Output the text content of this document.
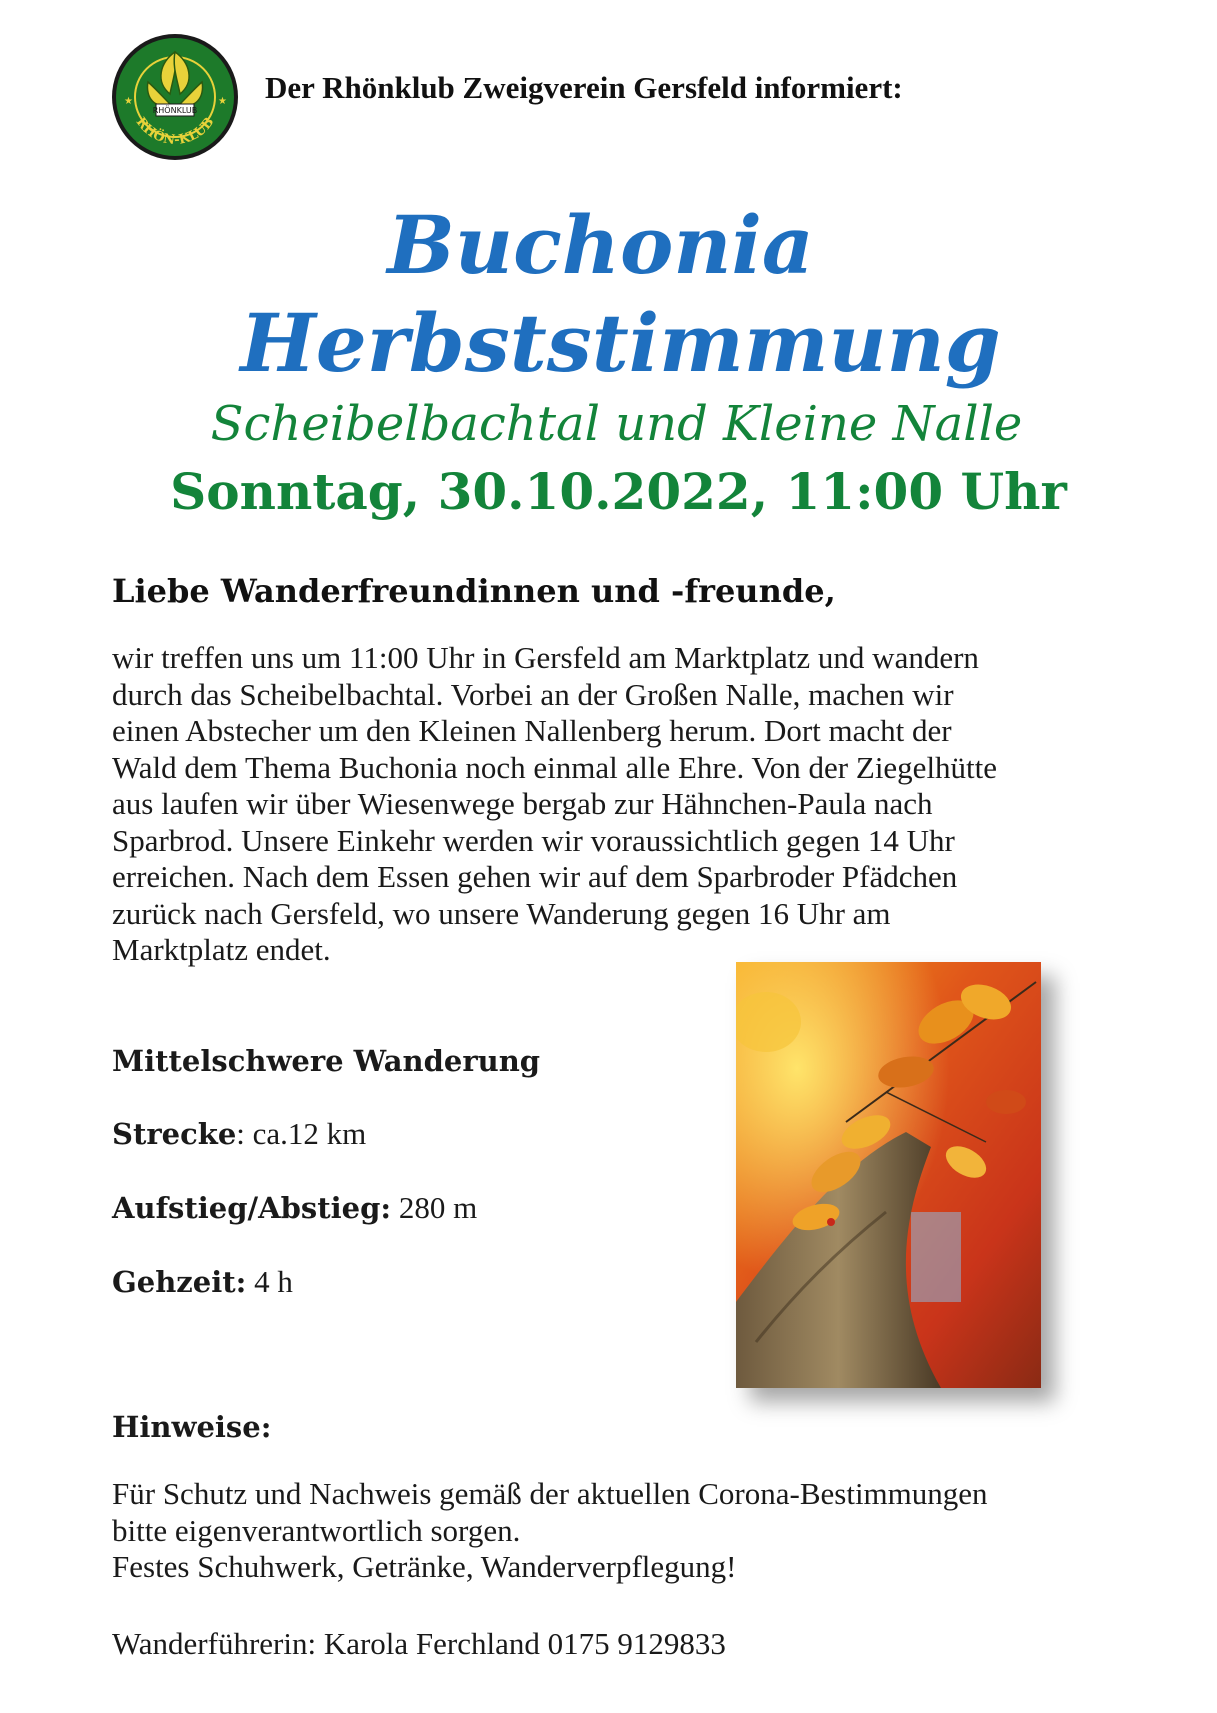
RHÖNKLUB
RHÖN-KLUB
★	★ Der Rhönklub Zweigverein Gersfeld informiert:
Buchonia
Herbststimmung
Scheibelbachtal und Kleine Nalle
Sonntag, 30.10.2022, 11:00 Uhr
Liebe Wanderfreundinnen und -freunde,
wir treffen uns um 11:00 Uhr in Gersfeld am Marktplatz und wandern
durch das Scheibelbachtal. Vorbei an der Großen Nalle, machen wir
einen Abstecher um den Kleinen Nallenberg herum. Dort macht der
Wald dem Thema Buchonia noch einmal alle Ehre. Von der Ziegelhütte
aus laufen wir über Wiesenwege bergab zur Hähnchen-Paula nach
Sparbrod. Unsere Einkehr werden wir voraussichtlich gegen 14 Uhr
erreichen. Nach dem Essen gehen wir auf dem Sparbroder Pfädchen
zurück nach Gersfeld, wo unsere Wanderung gegen 16 Uhr am
Marktplatz endet.
Mittelschwere Wanderung
Strecke: ca.12 km
Aufstieg/Abstieg: 280 m
Gehzeit: 4 h
Hinweise:
Für Schutz und Nachweis gemäß der aktuellen Corona-Bestimmungen
bitte eigenverantwortlich sorgen.
Festes Schuhwerk, Getränke, Wanderverpflegung!
Wanderführerin: Karola Ferchland 0175 9129833
